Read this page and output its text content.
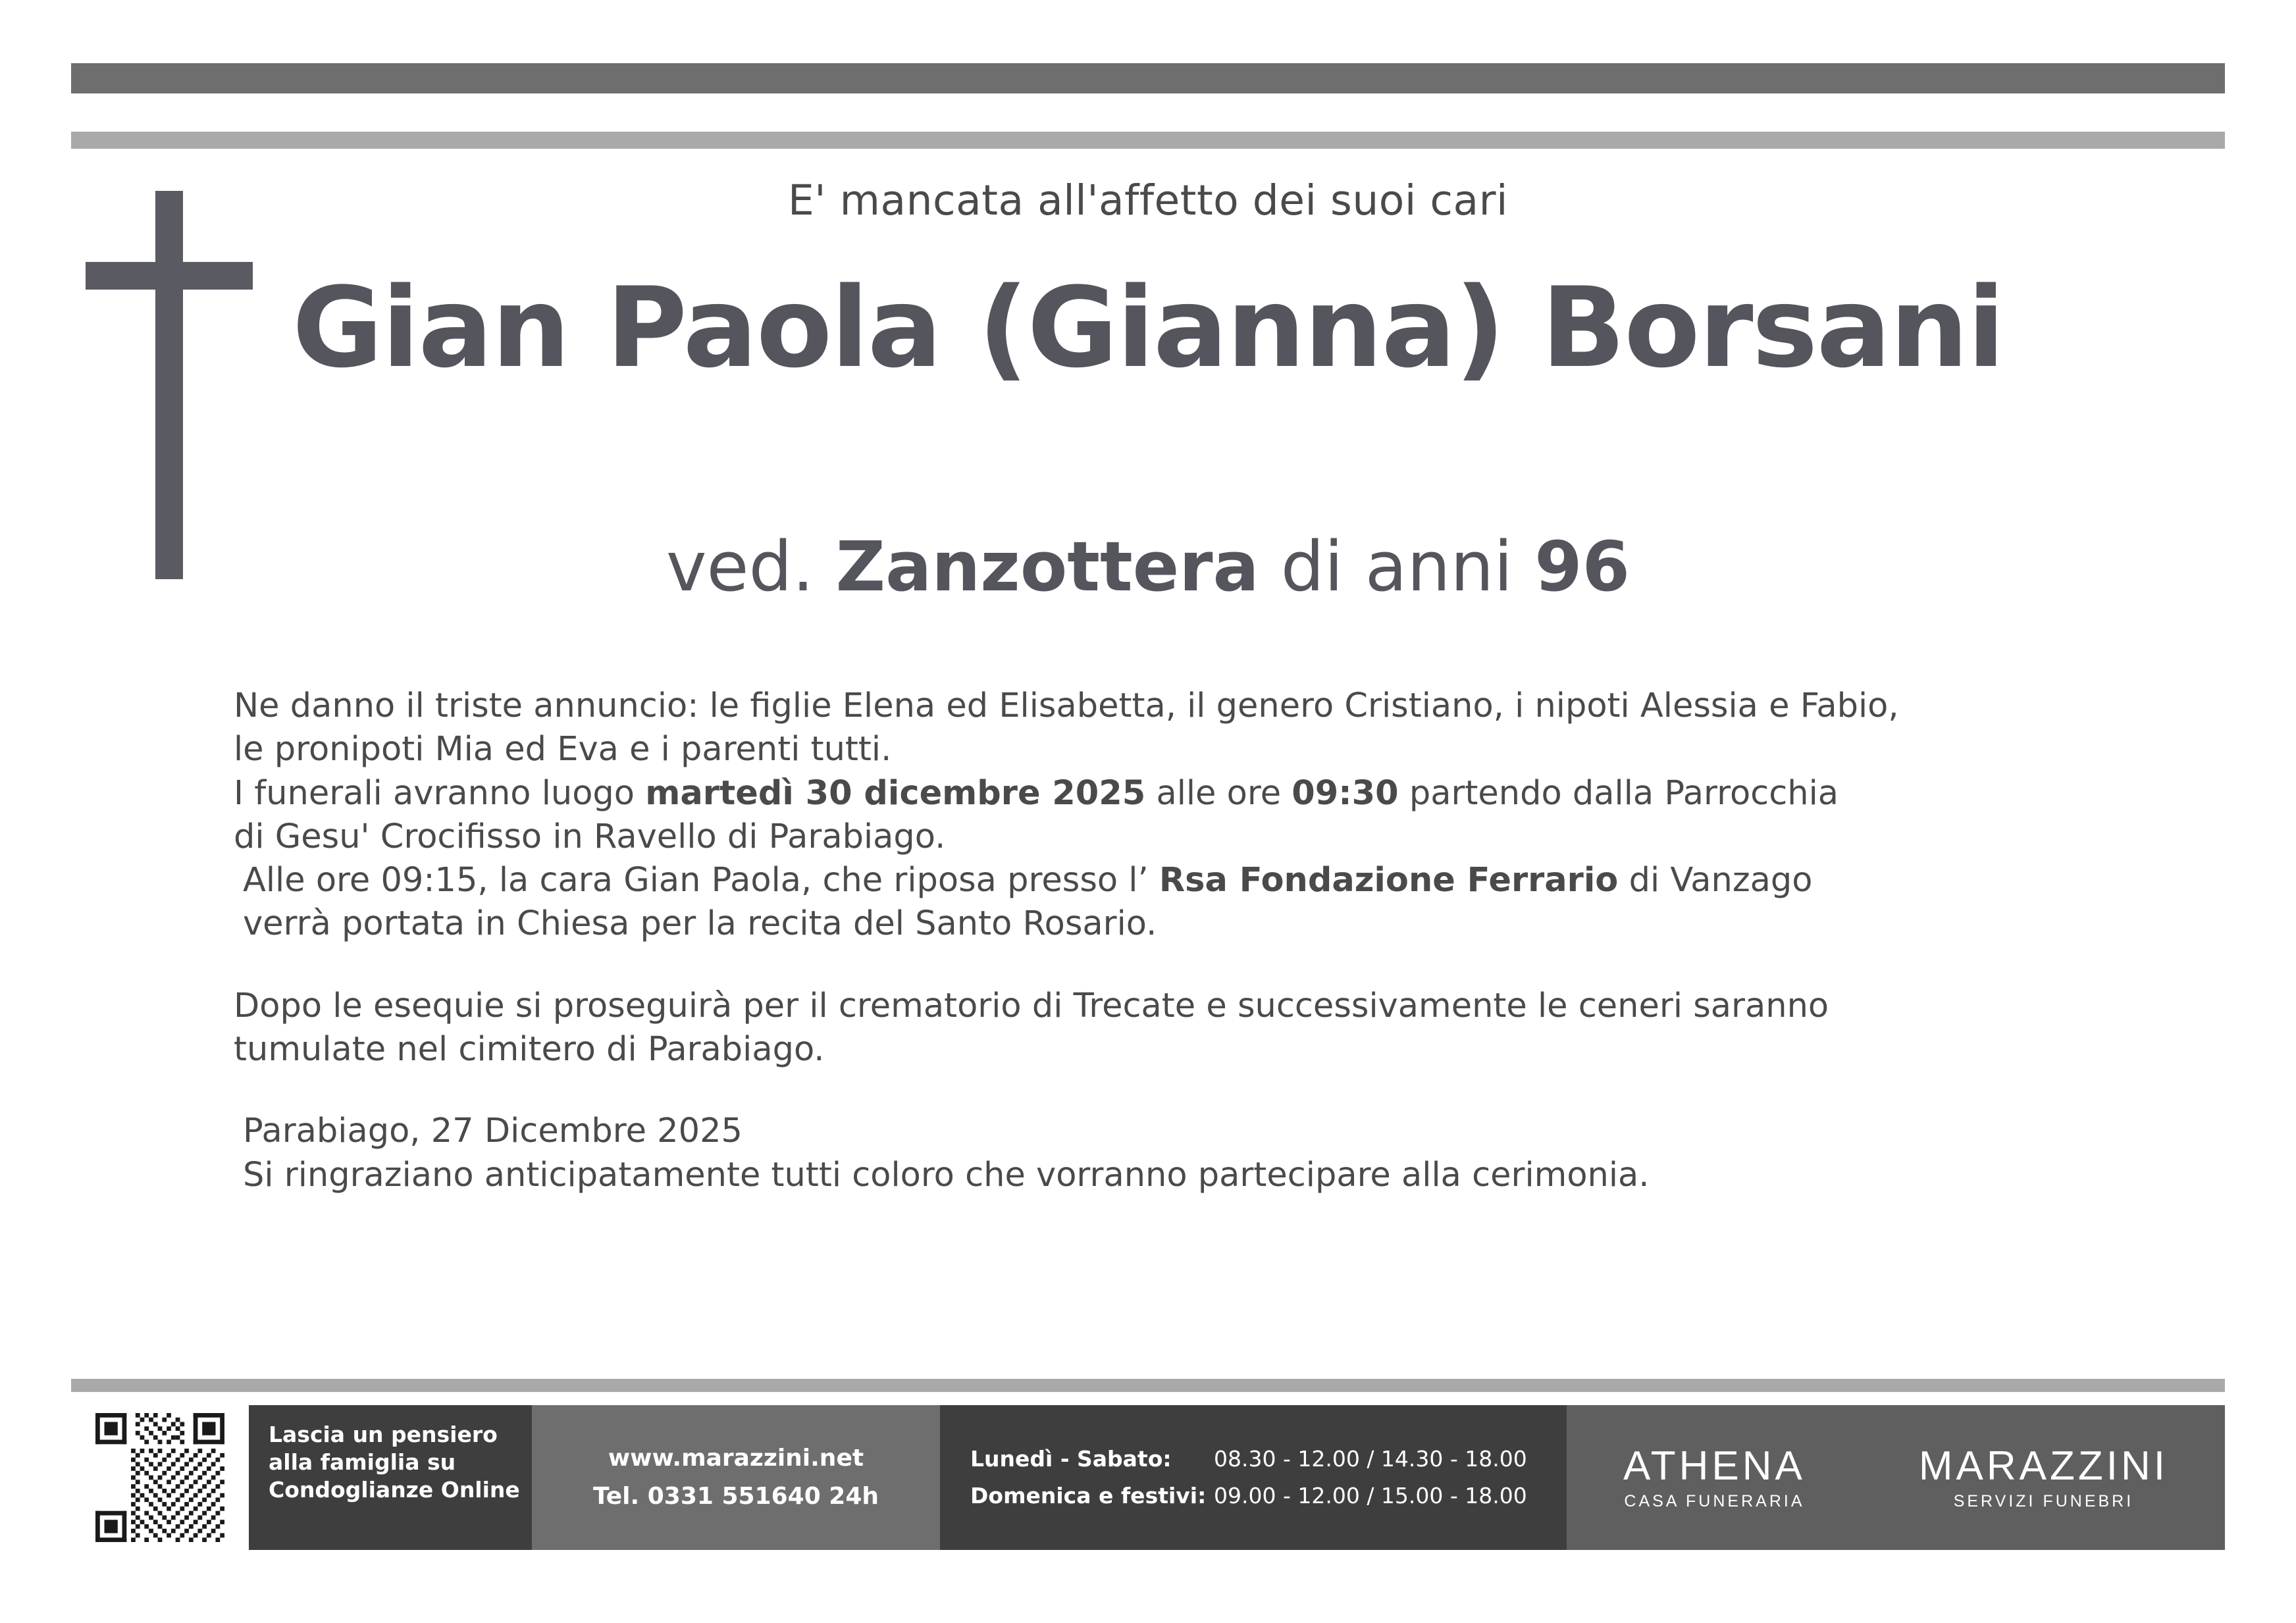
E' mancata all'affetto dei suoi cari
Gian Paola (Gianna) Borsani
ved. Zanzottera di anni 96

Ne danno il triste annuncio: le figlie Elena ed Elisabetta, il genero Cristiano, i nipoti Alessia e Fabio,

le pronipoti Mia ed Eva e i parenti tutti.

I funerali avranno luogo martedì 30 dicembre 2025 alle ore 09:30 partendo dalla Parrocchia

di Gesu' Crocifisso in Ravello di Parabiago.

Alle ore 09:15, la cara Gian Paola, che riposa presso l’ Rsa Fondazione Ferrario di Vanzago

verrà portata in Chiesa per la recita del Santo Rosario.

Dopo le esequie si proseguirà per il crematorio di Trecate e successivamente le ceneri saranno

tumulate nel cimitero di Parabiago.

Parabiago, 27 Dicembre 2025

Si ringraziano anticipatamente tutti coloro che vorranno partecipare alla cerimonia.

Lascia un pensiero alla famiglia su Condoglianze Online
www.marazzini.net
Tel. 0331 551640 24h
Lunedì - Sabato:	08.30 - 12.00 / 14.30 - 18.00
Domenica e festivi: 09.00 - 12.00 / 15.00 - 18.00
ATHENA
CASA FUNERARIA
MARAZZINI
SERVIZI FUNEBRI
